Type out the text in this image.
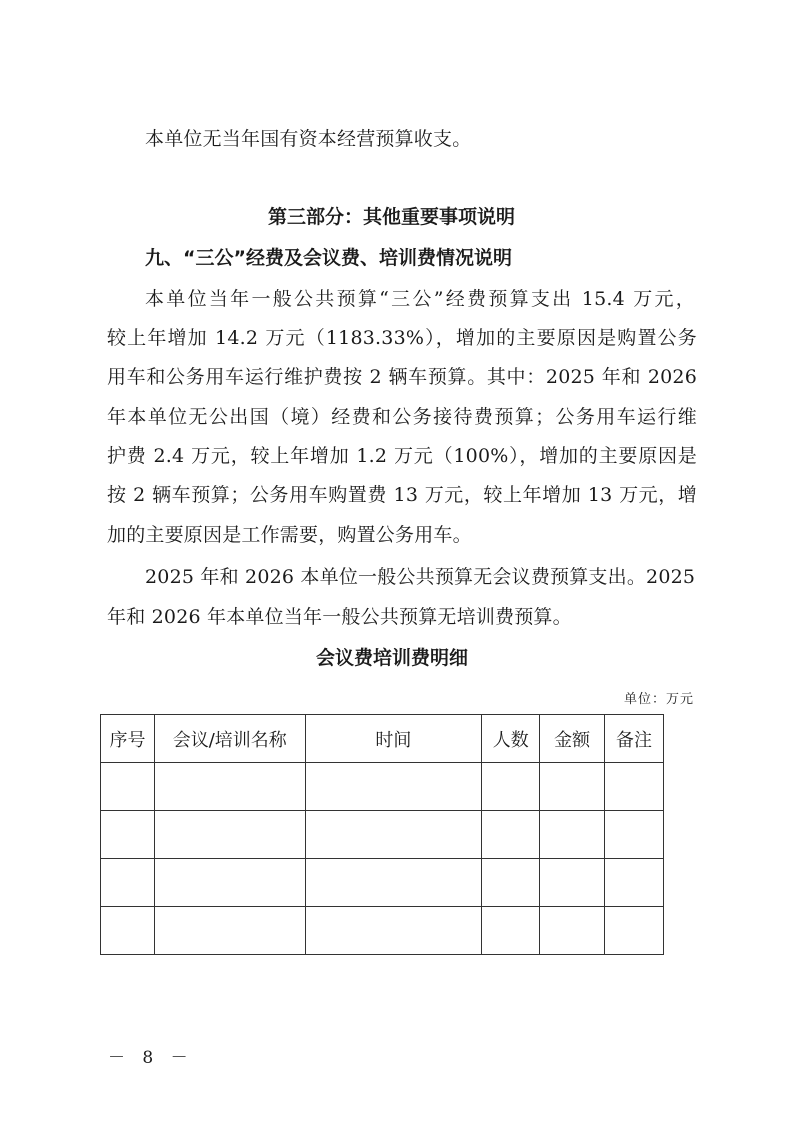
本单位无当年国有资本经营预算收支。
第三部分：其他重要事项说明
九、“三公”经费及会议费、培训费情况说明
本单位当年一般公共预算“三公”经费预算支出 15.4 万元，
较上年增加 14.2 万元（1183.33%），增加的主要原因是购置公务
用车和公务用车运行维护费按 2 辆车预算。其中：2025 年和 2026
年本单位无公出国（境）经费和公务接待费预算；公务用车运行维
护费 2.4 万元，较上年增加 1.2 万元（100%），增加的主要原因是
按 2 辆车预算；公务用车购置费 13 万元，较上年增加 13 万元，增
加的主要原因是工作需要，购置公务用车。
2025 年和 2026 本单位一般公共预算无会议费预算支出。2025
年和 2026 年本单位当年一般公共预算无培训费预算。
会议费培训费明细
单位：万元
序号	会议/培训名称	时间	人数	金额	备注

－ 8 －
